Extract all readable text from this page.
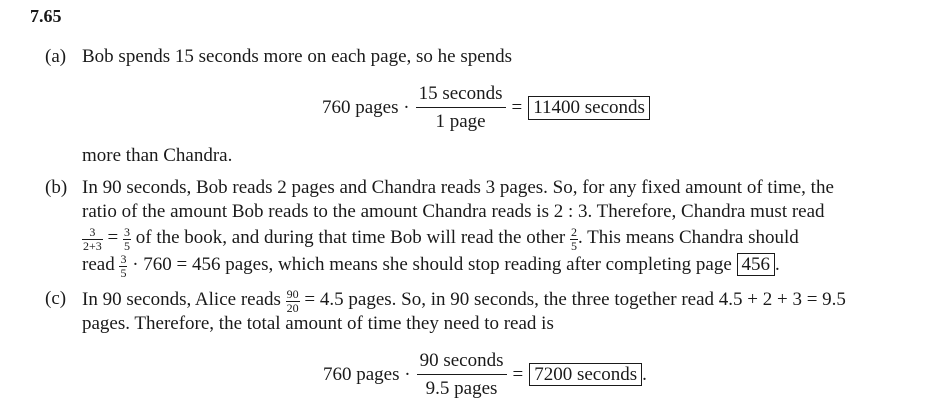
7.65
(a) Bob spends 15 seconds more on each page, so he spends
760 pages · $\frac{\text{15 seconds}}{\text{1 page}} = 11400$ seconds
more than Chandra.
(b) In 90 seconds, Bob reads 2 pages and Chandra reads 3 pages. So, for any fixed amount of time, the
ratio of the amount Bob reads to the amount Chandra reads is 2 : 3. Therefore, Chandra must read
$\frac{3}{2+3} = \frac{3}{5}$ of the book, and during that time Bob will read the other $\frac{2}{5}$ . This means Chandra should
read $\frac{3}{5} \cdot 760 = 456$ pages, which means she should stop reading after completing page 456 .
(c) In 90 seconds, Alice reads $\frac{90}{20} = 4.5$ pages. So, in 90 seconds, the three together read 4.5 + 2 + 3 = 9.5
pages. Therefore, the total amount of time they need to read is
760 pages · $\frac{\text{90 seconds}}{\text{9.5 pages}} = 7200$ seconds .
